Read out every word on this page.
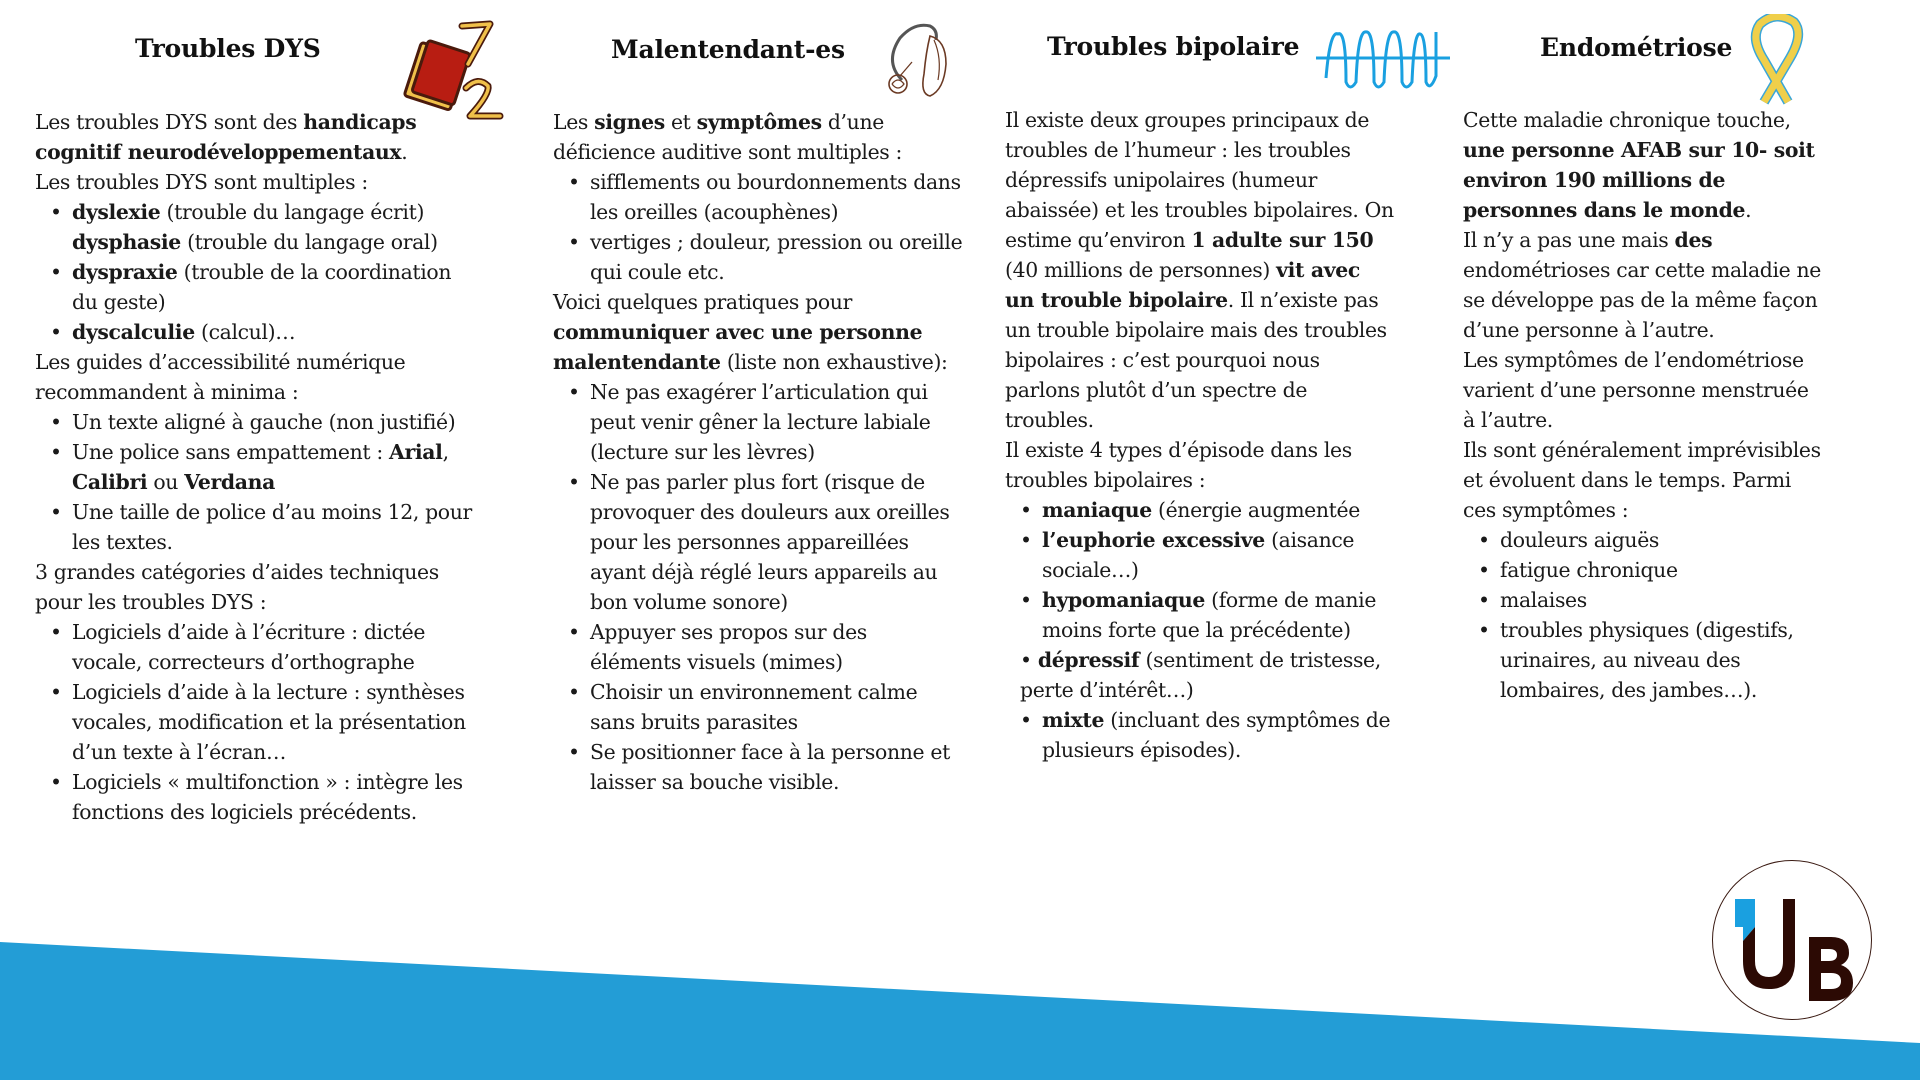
Troubles DYS

Les troubles DYS sont des handicaps cognitif neurodéveloppementaux.

Les troubles DYS sont multiples :

• dyslexie (trouble du langage écrit)
dysphasie (trouble du langage oral)
• dyspraxie (trouble de la coordination du geste)
• dyscalculie (calcul)…

Les guides d’accessibilité numérique recommandent à minima :

• Un texte aligné à gauche (non justifié)
• Une police sans empattement : Arial, Calibri ou Verdana
• Une taille de police d’au moins 12, pour les textes.

3 grandes catégories d’aides techniques pour les troubles DYS :

• Logiciels d’aide à l’écriture : dictée vocale, correcteurs d’orthographe
• Logiciels d’aide à la lecture : synthèses vocales, modification et la présentation d’un texte à l’écran…
• Logiciels « multifonction » : intègre les fonctions des logiciels précédents.
Malentendant-es

Les signes et symptômes d’une déficience auditive sont multiples :

• sifflements ou bourdonnements dans les oreilles (acouphènes)
• vertiges ; douleur, pression ou oreille qui coule etc.

Voici quelques pratiques pour communiquer avec une personne malentendante (liste non exhaustive):

• Ne pas exagérer l’articulation qui peut venir gêner la lecture labiale (lecture sur les lèvres)
• Ne pas parler plus fort (risque de provoquer des douleurs aux oreilles pour les personnes appareillées ayant déjà réglé leurs appareils au bon volume sonore)
• Appuyer ses propos sur des éléments visuels (mimes)
• Choisir un environnement calme sans bruits parasites
• Se positionner face à la personne et laisser sa bouche visible.
Troubles bipolaire

Il existe deux groupes principaux de troubles de l’humeur : les troubles dépressifs unipolaires (humeur abaissée) et les troubles bipolaires. On estime qu’environ 1 adulte sur 150 (40 millions de personnes) vit avec un trouble bipolaire. Il n’existe pas un trouble bipolaire mais des troubles bipolaires : c’est pourquoi nous parlons plutôt d’un spectre de troubles.

Il existe 4 types d’épisode dans les troubles bipolaires :

• maniaque (énergie augmentée
• l’euphorie excessive (aisance sociale…)
• hypomaniaque (forme de manie moins forte que la précédente)

• dépressif (sentiment de tristesse, perte d’intérêt…)

• mixte (incluant des symptômes de plusieurs épisodes).
Endométriose

Cette maladie chronique touche, une personne AFAB sur 10- soit environ 190 millions de personnes dans le monde.

Il n’y a pas une mais des endométrioses car cette maladie ne se développe pas de la même façon d’une personne à l’autre.

Les symptômes de l’endométriose varient d’une personne menstruée à l’autre.

Ils sont généralement imprévisibles et évoluent dans le temps. Parmi ces symptômes :

• douleurs aiguës
• fatigue chronique
• malaises
• troubles physiques (digestifs, urinaires, au niveau des lombaires, des jambes…).
